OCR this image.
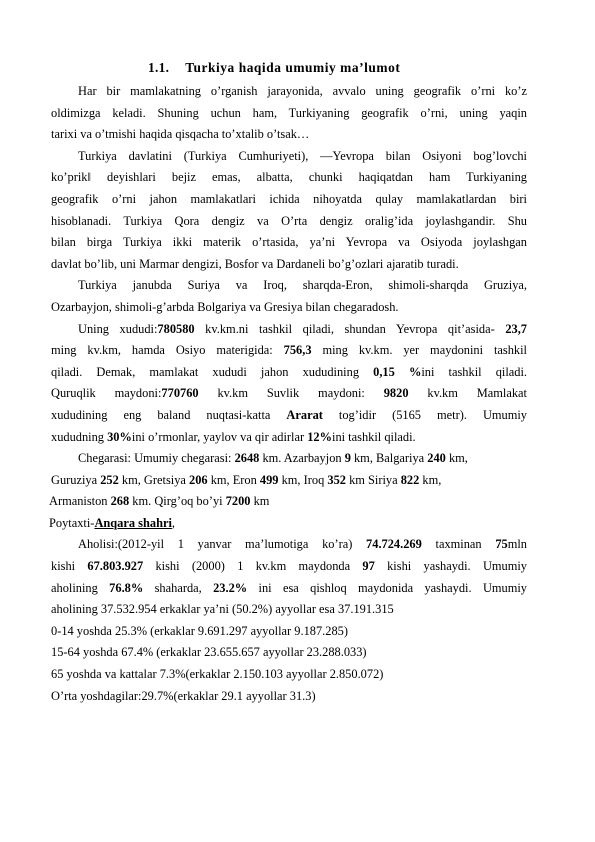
1.1. Turkiya haqida umumiy ma’lumot
Har bir mamlakatning o’rganish jarayonida, avvalo uning geografik o’rni ko’z
oldimizga keladi. Shuning uchun ham, Turkiyaning geografik o’rni, uning yaqin
tarixi va o’tmishi haqida qisqacha to’xtalib o’tsak…
Turkiya davlatini (Turkiya Cumhuriyeti), ―Yevropa bilan Osiyoni bog’lovchi
ko’prik‖ deyishlari bejiz emas, albatta, chunki haqiqatdan ham Turkiyaning
geografik o’rni jahon mamlakatlari ichida nihoyatda qulay mamlakatlardan biri
hisoblanadi. Turkiya Qora dengiz va O’rta dengiz oralig’ida joylashgandir. Shu
bilan birga Turkiya ikki materik o’rtasida, ya’ni Yevropa va Osiyoda joylashgan
davlat bo’lib, uni Marmar dengizi, Bosfor va Dardaneli bo’g’ozlari ajaratib turadi.
Turkiya janubda Suriya va Iroq, sharqda-Eron, shimoli-sharqda Gruziya,
Ozarbayjon, shimoli-g’arbda Bolgariya va Gresiya bilan chegaradosh.
Uning xududi:780580 kv.km.ni tashkil qiladi, shundan Yevropa qit’asida- 23,7
ming kv.km, hamda Osiyo materigida: 756,3 ming kv.km. yer maydonini tashkil
qiladi. Demak, mamlakat xududi jahon xududining 0,15 %ini tashkil qiladi.
Quruqlik maydoni:770760 kv.km Suvlik maydoni: 9820 kv.km Mamlakat
xududining eng baland nuqtasi-katta Ararat tog’idir (5165 metr). Umumiy
xududning 30%ini o’rmonlar, yaylov va qir adirlar 12%ini tashkil qiladi.
Chegarasi: Umumiy chegarasi: 2648 km. Azarbayjon 9 km, Balgariya 240 km,
Guruziya 252 km, Gretsiya 206 km, Eron 499 km, Iroq 352 km Siriya 822 km,
Armaniston 268 km. Qirg’oq bo’yi 7200 km
Poytaxti-Anqara shahri,
Aholisi:(2012-yil 1 yanvar ma’lumotiga ko’ra) 74.724.269 taxminan 75mln
kishi 67.803.927 kishi (2000) 1 kv.km maydonda 97 kishi yashaydi. Umumiy
aholining 76.8% shaharda, 23.2% ini esa qishloq maydonida yashaydi. Umumiy
aholining 37.532.954 erkaklar ya’ni (50.2%) ayyollar esa 37.191.315
0-14 yoshda 25.3% (erkaklar 9.691.297 ayyollar 9.187.285)
15-64 yoshda 67.4% (erkaklar 23.655.657 ayyollar 23.288.033)
65 yoshda va kattalar 7.3%(erkaklar 2.150.103 ayyollar 2.850.072)
O’rta yoshdagilar:29.7%(erkaklar 29.1 ayyollar 31.3)
